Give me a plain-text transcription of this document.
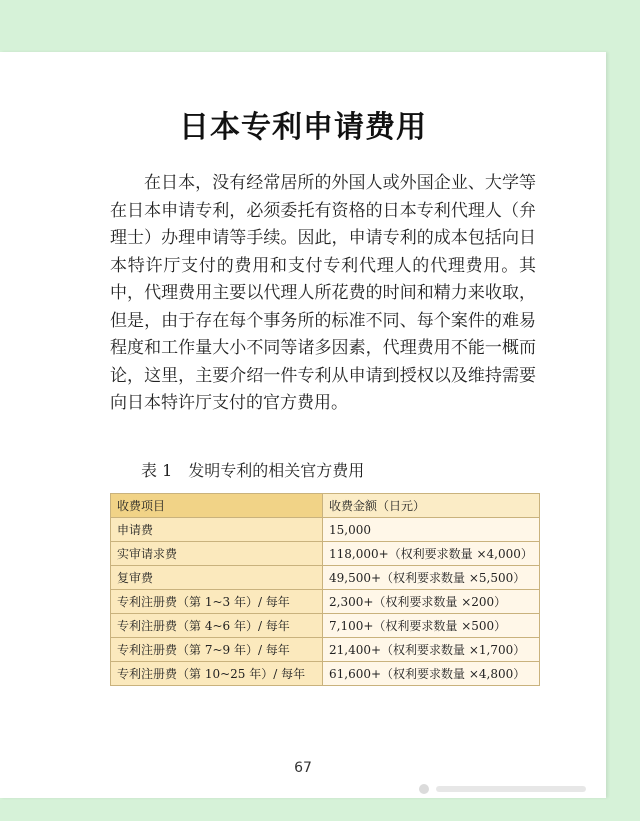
日本专利申请费用

在日本，没有经常居所的外国人或外国企业、大学等在日本申请专利，必须委托有资格的日本专利代理人（弁理士）办理申请等手续。因此，申请专利的成本包括向日本特许厅支付的费用和支付专利代理人的代理费用。其中，代理费用主要以代理人所花费的时间和精力来收取，但是，由于存在每个事务所的标准不同、每个案件的难易程度和工作量大小不同等诸多因素，代理费用不能一概而论，这里，主要介绍一件专利从申请到授权以及维持需要向日本特许厅支付的官方费用。

表 1　发明专利的相关官方费用
收费项目	收费金额（日元）
申请费	15,000
实审请求费	118,000+（权利要求数量 ×4,000）
复审费	49,500+（权利要求数量 ×5,500）
专利注册费（第 1~3 年）/ 每年	2,300+（权利要求数量 ×200）
专利注册费（第 4~6 年）/ 每年	7,100+（权利要求数量 ×500）
专利注册费（第 7~9 年）/ 每年	21,400+（权利要求数量 ×1,700）
专利注册费（第 10~25 年）/ 每年	61,600+（权利要求数量 ×4,800）
67
